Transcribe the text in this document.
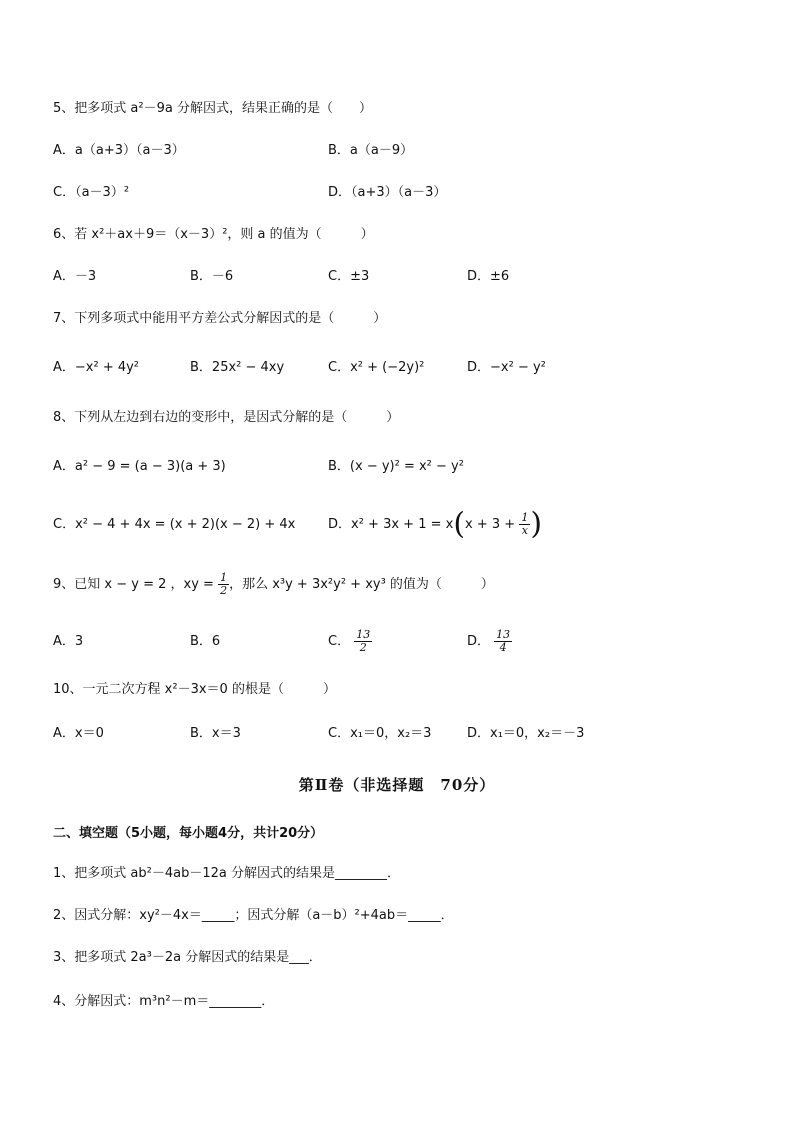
5、把多项式 a²－9a 分解因式，结果正确的是（　　）
A．a（a+3）（a－3）	B．a（a－9）
C．（a－3）²	D．（a+3）（a－3）
6、若 x²＋ax＋9＝（x－3）²，则 a 的值为（　　　）
A．－3	B．－6	C．±3	D．±6
7、下列多项式中能用平方差公式分解因式的是（　　　）
A．−x² + 4y²	B．25x² − 4xy	C．x² + (−2y)²	D．−x² − y²
8、下列从左边到右边的变形中，是因式分解的是（　　　）
A．a² − 9 = (a − 3)(a + 3)	B．(x − y)² = x² − y²
C．x² − 4 + 4x = (x + 2)(x − 2) + 4x	D．$x^2 + 3x + 1 = x(x + 3 + \frac{1}{x}$ )
9、已知 x − y = 2 ，xy = $\frac{1}{2}$ ，那么 x³y + 3x²y² + xy³ 的值为（　　　）
A．3	B．6	C． $\frac{13}{2}$	D． $\frac{13}{4}$
10、一元二次方程 x²－3x＝0 的根是（　　　）
A．x＝0	B．x＝3	C．x₁＝0，x₂＝3	D．x₁＝0，x₂＝－3
第Ⅱ卷（非选择题　70分）
二、填空题（5小题，每小题4分，共计20分）
1、把多项式 ab²－4ab－12a 分解因式的结果是________．
2、因式分解：xy²－4x＝_____；因式分解（a－b）²+4ab＝_____．
3、把多项式 2a³－2a 分解因式的结果是___．
4、分解因式：m³n²－m＝________．
